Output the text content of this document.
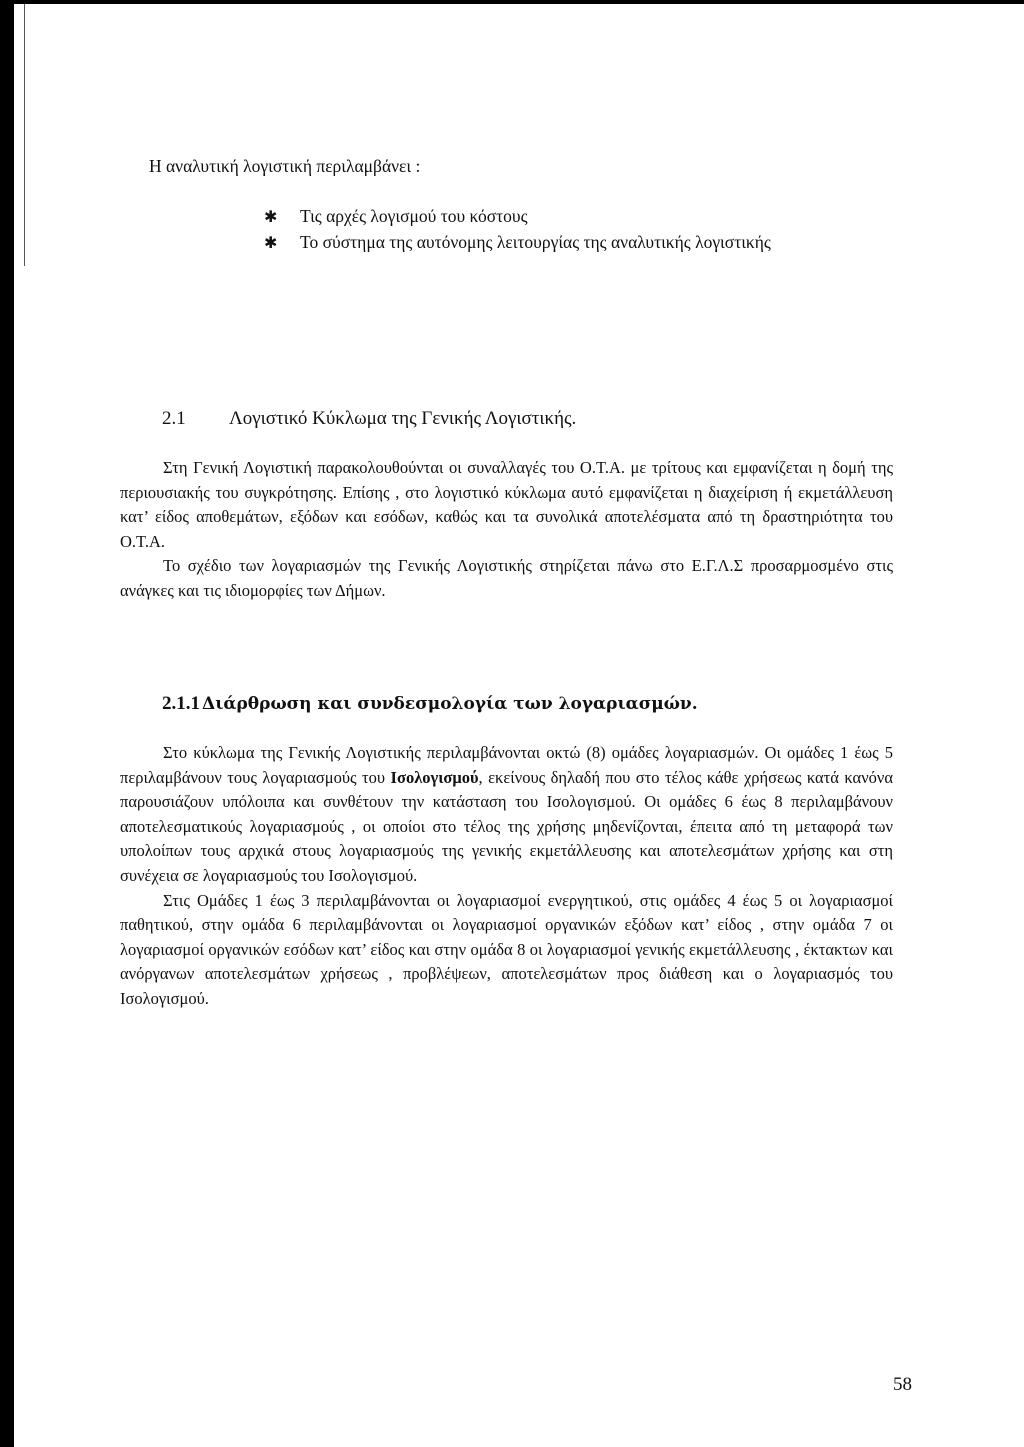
Η αναλυτική λογιστική περιλαμβάνει :
✱ Τις αρχές λογισμού του κόστους
✱ Το σύστημα της αυτόνομης λειτουργίας της αναλυτικής λογιστικής
2.1 Λογιστικό Κύκλωμα της Γενικής Λογιστικής.

Στη Γενική Λογιστική παρακολουθούνται οι συναλλαγές του Ο.Τ.Α. με τρίτους και εμφανίζεται η δομή της περιουσιακής του συγκρότησης. Επίσης , στο λογιστικό κύκλωμα αυτό εμφανίζεται η διαχείριση ή εκμετάλλευση κατ’ είδος αποθεμάτων, εξόδων και εσόδων, καθώς και τα συνολικά αποτελέσματα από τη δραστηριότητα του Ο.Τ.Α.

Το σχέδιο των λογαριασμών της Γενικής Λογιστικής στηρίζεται πάνω στο Ε.Γ.Λ.Σ προσαρμοσμένο στις ανάγκες και τις ιδιομορφίες των Δήμων.

2.1.1 Διάρθρωση και συνδεσμολογία των λογαριασμών.

Στο κύκλωμα της Γενικής Λογιστικής περιλαμβάνονται οκτώ (8) ομάδες λογαριασμών. Οι ομάδες 1 έως 5 περιλαμβάνουν τους λογαριασμούς του Ισολογισμού, εκείνους δηλαδή που στο τέλος κάθε χρήσεως κατά κανόνα παρουσιάζουν υπόλοιπα και συνθέτουν την κατάσταση του Ισολογισμού. Οι ομάδες 6 έως 8 περιλαμβάνουν αποτελεσματικούς λογαριασμούς , οι οποίοι στο τέλος της χρήσης μηδενίζονται, έπειτα από τη μεταφορά των υπολοίπων τους αρχικά στους λογαριασμούς της γενικής εκμετάλλευσης και αποτελεσμάτων χρήσης και στη συνέχεια σε λογαριασμούς του Ισολογισμού.

Στις Ομάδες 1 έως 3 περιλαμβάνονται οι λογαριασμοί ενεργητικού, στις ομάδες 4 έως 5 οι λογαριασμοί παθητικού, στην ομάδα 6 περιλαμβάνονται οι λογαριασμοί οργανικών εξόδων κατ’ είδος , στην ομάδα 7 οι λογαριασμοί οργανικών εσόδων κατ’ είδος και στην ομάδα 8 οι λογαριασμοί γενικής εκμετάλλευσης , έκτακτων και ανόργανων αποτελεσμάτων χρήσεως , προβλέψεων, αποτελεσμάτων προς διάθεση και ο λογαριασμός του Ισολογισμού.

58
